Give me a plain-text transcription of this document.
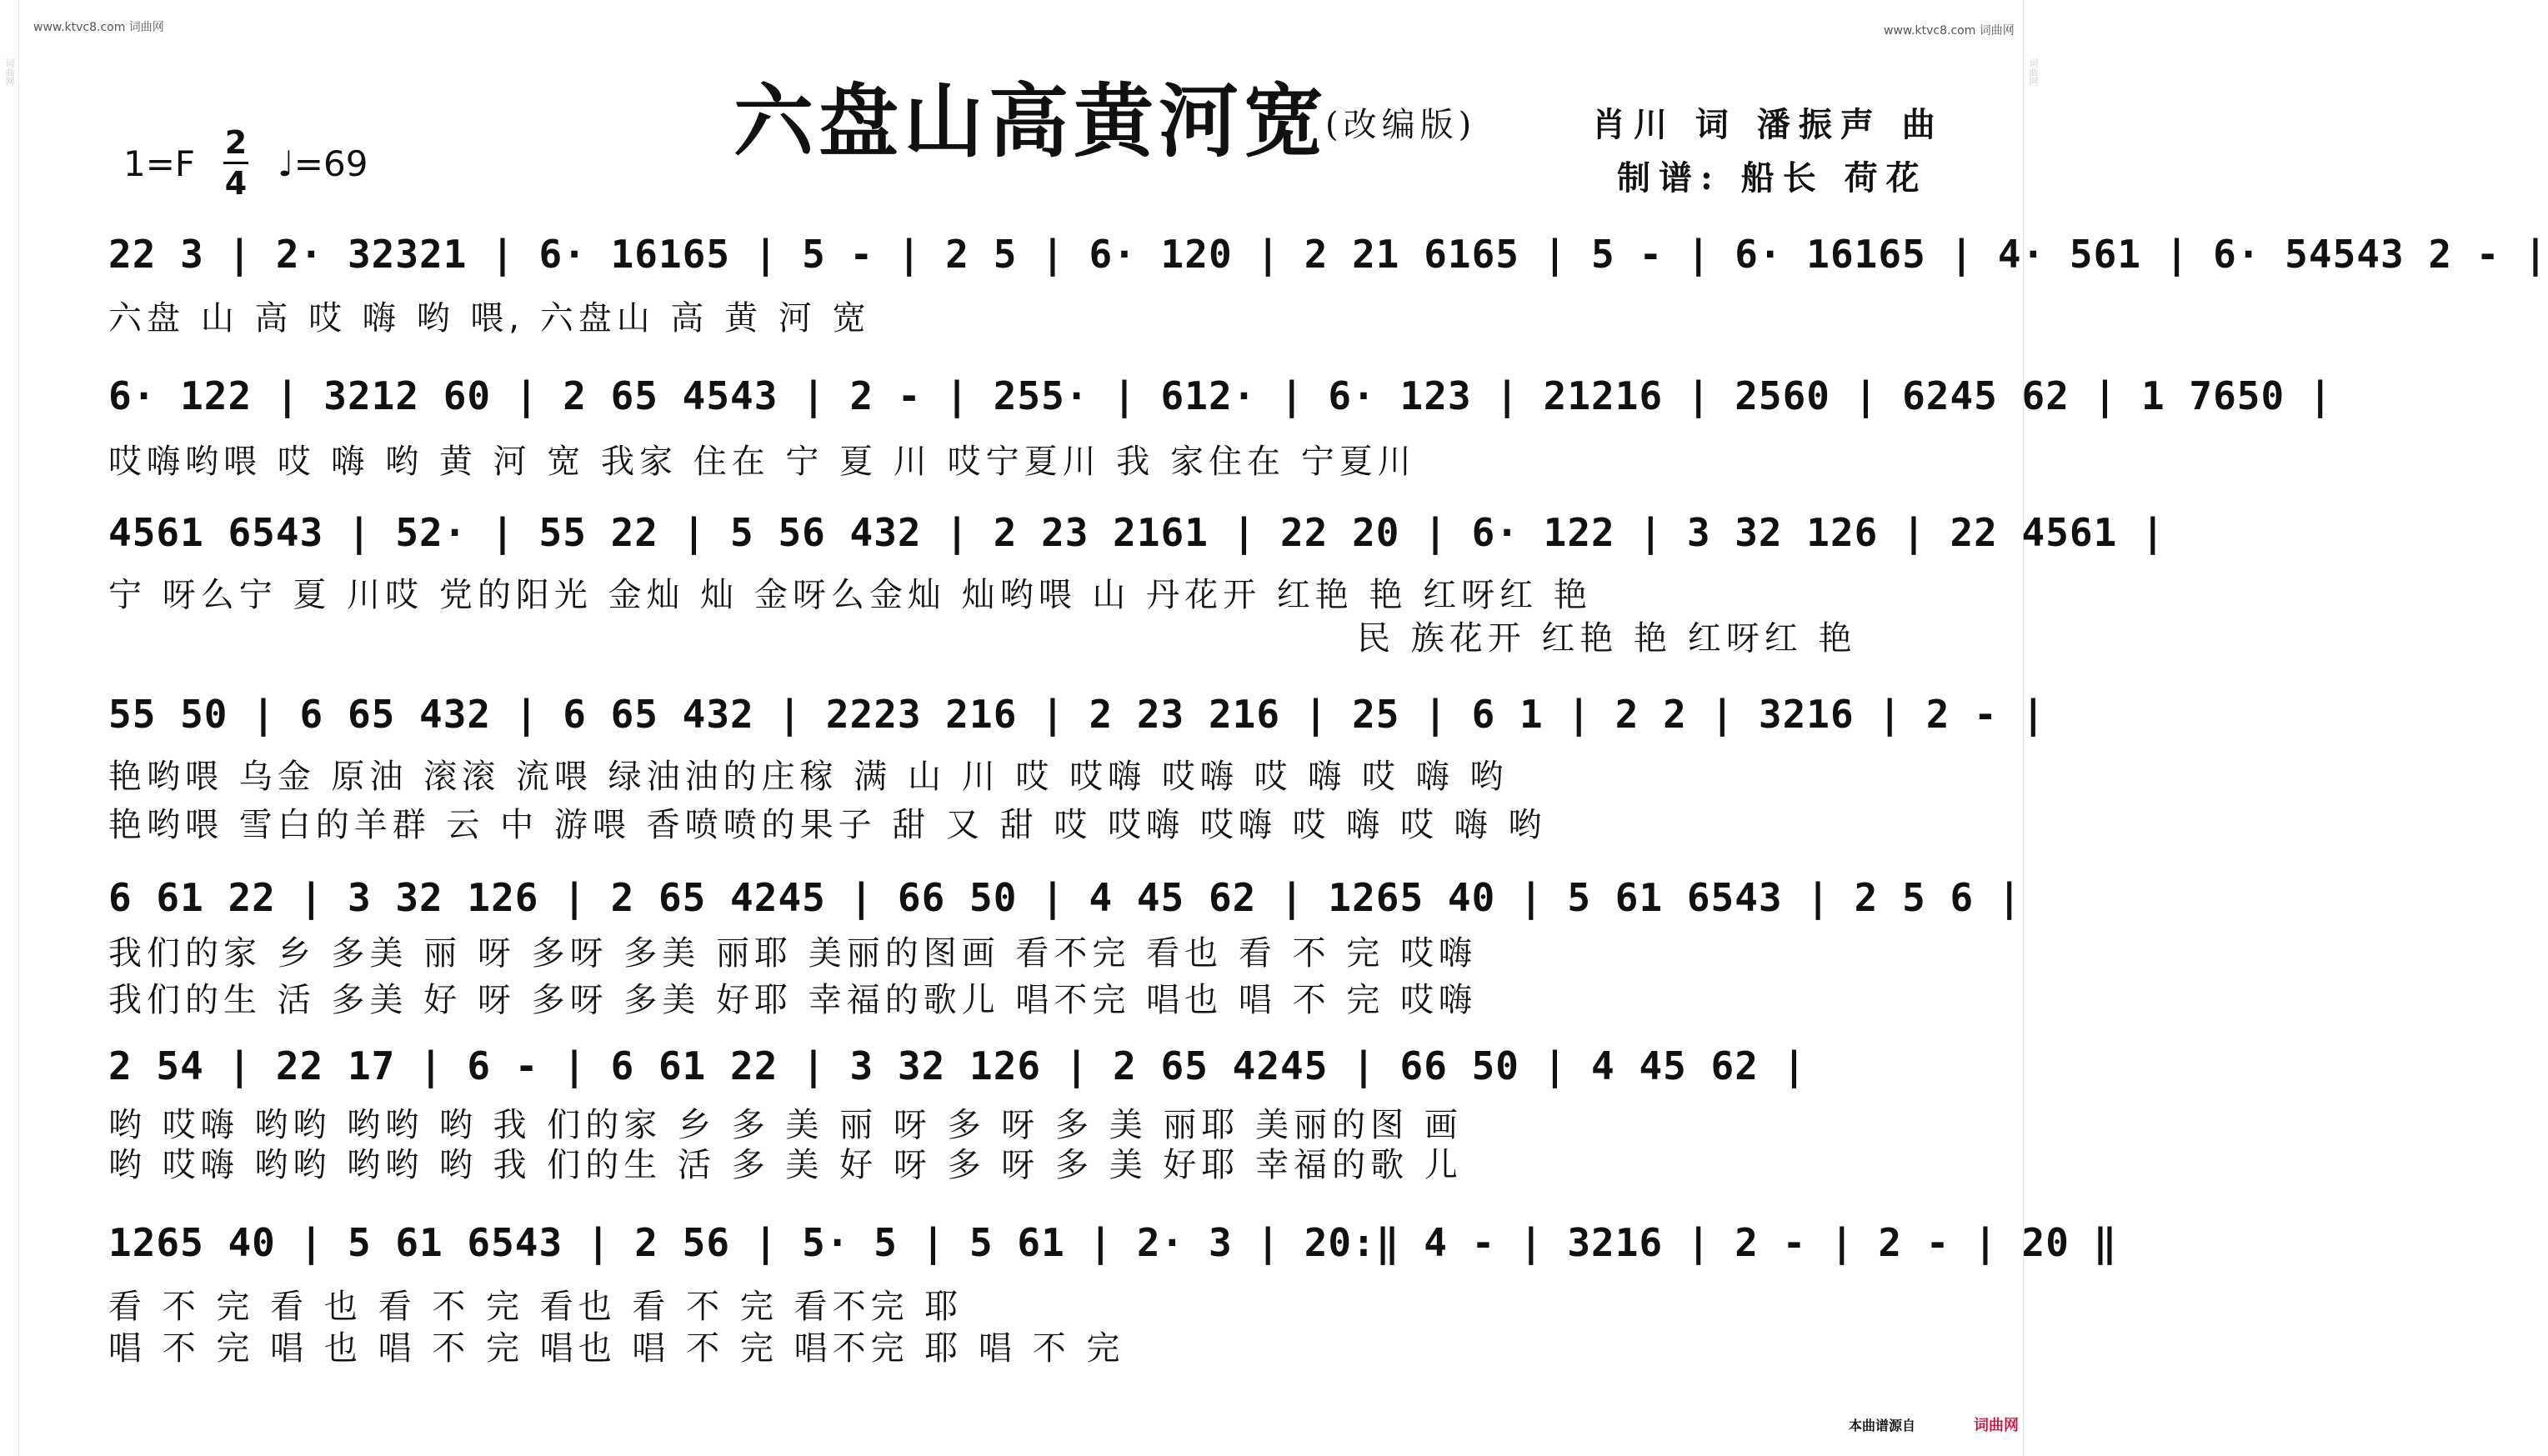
词曲网	词曲网
www.ktvc8.com 词曲网	www.ktvc8.com 词曲网
六盘山高黄河宽
(改编版)	肖川 词 潘振声 曲
制谱: 船长 荷花
1=F
2
4 ♩=69
22 3 | 2· 32321 | 6· 16165 | 5 - | 2 5 | 6· 120 | 2 21 6165 | 5 - | 6· 16165 | 4· 561 | 6· 54543 2 - |
六盘 山 高 哎 嗨 哟 喂, 六盘山 高 黄 河 宽
6· 122 | 3212 60 | 2 65 4543 | 2 - | 255· | 612· | 6· 123 | 21216 | 2560 | 6245 62 | 1 7650 |
哎嗨哟喂 哎 嗨 哟 黄 河 宽 我家 住在 宁 夏 川 哎宁夏川 我 家住在 宁夏川
4561 6543 | 52· | 55 22 | 5 56 432 | 2 23 2161 | 22 20 | 6· 122 | 3 32 126 | 22 4561 |
宁 呀么宁 夏 川哎 党的阳光 金灿 灿 金呀么金灿 灿哟喂 山 丹花开 红艳 艳 红呀红 艳
民 族花开 红艳 艳 红呀红 艳
55 50 | 6 65 432 | 6 65 432 | 2223 216 | 2 23 216 | 25 | 6 1 | 2 2 | 3216 | 2 - |
艳哟喂 乌金 原油 滚滚 流喂 绿油油的庄稼 满 山 川 哎 哎嗨 哎嗨 哎 嗨 哎 嗨 哟
艳哟喂 雪白的羊群 云 中 游喂 香喷喷的果子 甜 又 甜 哎 哎嗨 哎嗨 哎 嗨 哎 嗨 哟
6 61 22 | 3 32 126 | 2 65 4245 | 66 50 | 4 45 62 | 1265 40 | 5 61 6543 | 2 5 6 |
我们的家 乡 多美 丽 呀 多呀 多美 丽耶 美丽的图画 看不完 看也 看 不 完 哎嗨
我们的生 活 多美 好 呀 多呀 多美 好耶 幸福的歌儿 唱不完 唱也 唱 不 完 哎嗨
2 54 | 22 17 | 6 - | 6 61 22 | 3 32 126 | 2 65 4245 | 66 50 | 4 45 62 |
哟 哎嗨 哟哟 哟哟 哟 我 们的家 乡 多 美 丽 呀 多 呀 多 美 丽耶 美丽的图 画
哟 哎嗨 哟哟 哟哟 哟 我 们的生 活 多 美 好 呀 多 呀 多 美 好耶 幸福的歌 儿
1265 40 | 5 61 6543 | 2 56 | 5· 5 | 5 61 | 2· 3 | 20:‖ 4 - | 3216 | 2 - | 2 - | 20 ‖
看 不 完 看 也 看 不 完 看也 看 不 完 看不完 耶
唱 不 完 唱 也 唱 不 完 唱也 唱 不 完 唱不完 耶 唱 不 完
本曲谱源自	词曲网
